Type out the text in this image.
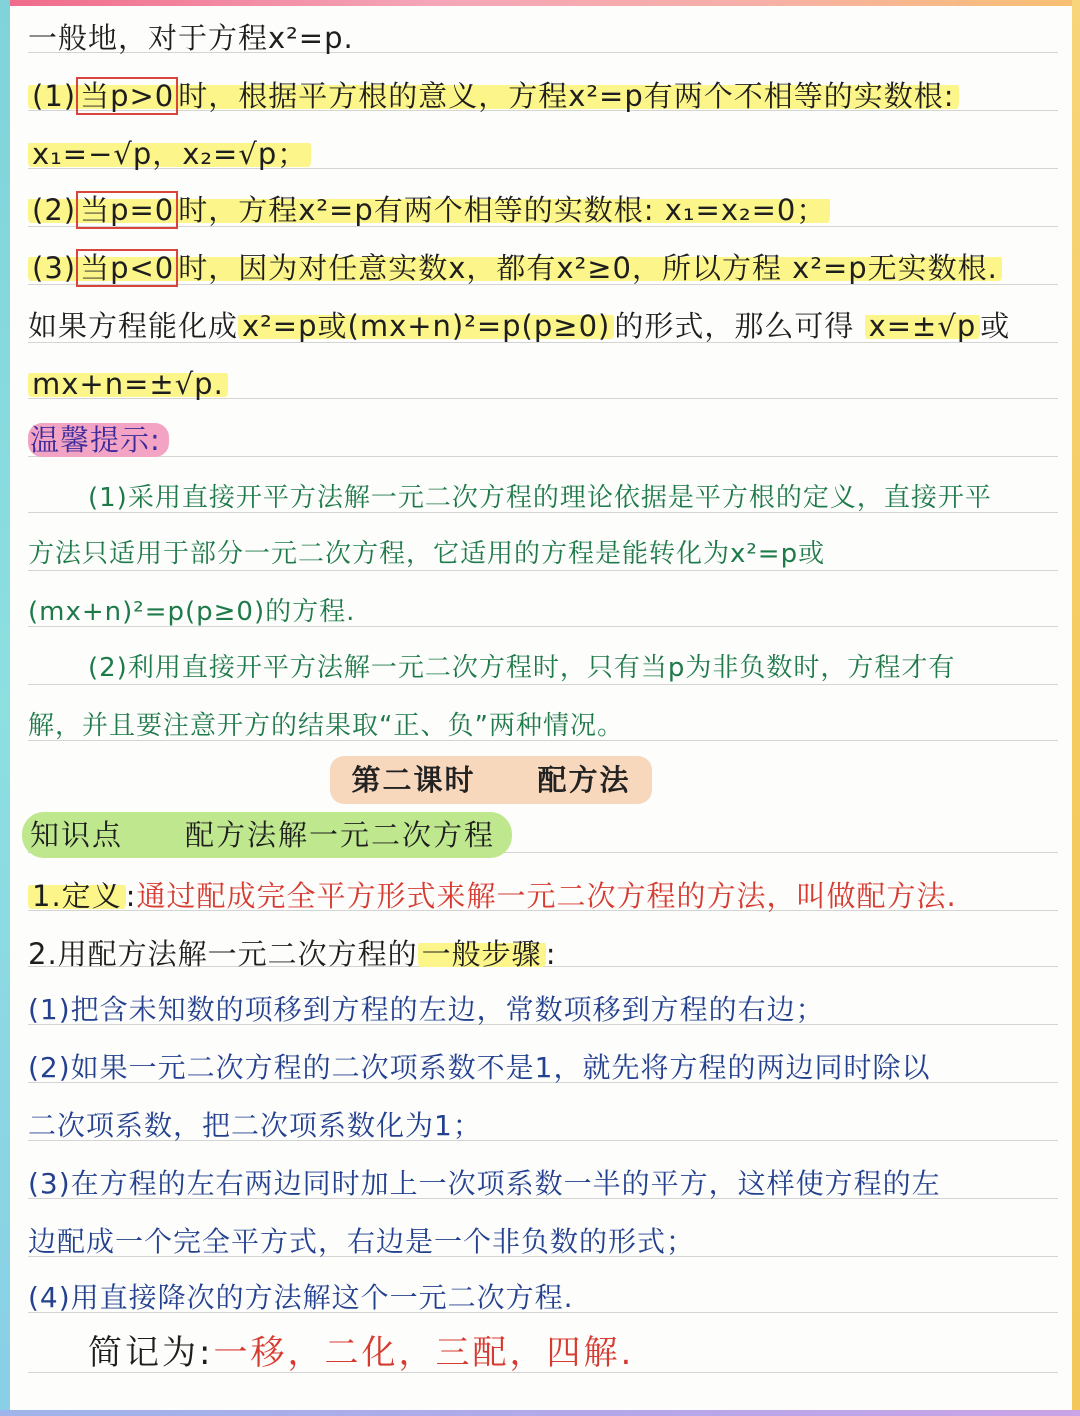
一般地，对于方程x²=p.
(1) 当p>0 时，根据平方根的意义，方程x²=p有两个不相等的实数根:
x₁=−√p，x₂=√p；
(2) 当p=0 时，方程x²=p有两个相等的实数根: x₁=x₂=0；
(3) 当p<0 时，因为对任意实数x，都有x²≥0，所以方程 x²=p无实数根.
如果方程能化成 x²=p或(mx+n)²=p(p≥0) 的形式，那么可得 x=±√p 或
mx+n=±√p.
温馨提示:
(1)采用直接开平方法解一元二次方程的理论依据是平方根的定义，直接开平
方法只适用于部分一元二次方程，它适用的方程是能转化为x²=p或
(mx+n)²=p(p≥0)的方程.
(2)利用直接开平方法解一元二次方程时，只有当p为非负数时，方程才有
解，并且要注意开方的结果取“正、负”两种情况。
第二课时　　配方法
知识点　　配方法解一元二次方程
1.定义 :通过配成完全平方形式来解一元二次方程的方法，叫做配方法.
2.用配方法解一元二次方程的 一般步骤 :
(1)把含未知数的项移到方程的左边，常数项移到方程的右边；
(2)如果一元二次方程的二次项系数不是1，就先将方程的两边同时除以
二次项系数，把二次项系数化为1；
(3)在方程的左右两边同时加上一次项系数一半的平方，这样使方程的左
边配成一个完全平方式，右边是一个非负数的形式；
(4)用直接降次的方法解这个一元二次方程.
简记为:一移，二化，三配，四解.
